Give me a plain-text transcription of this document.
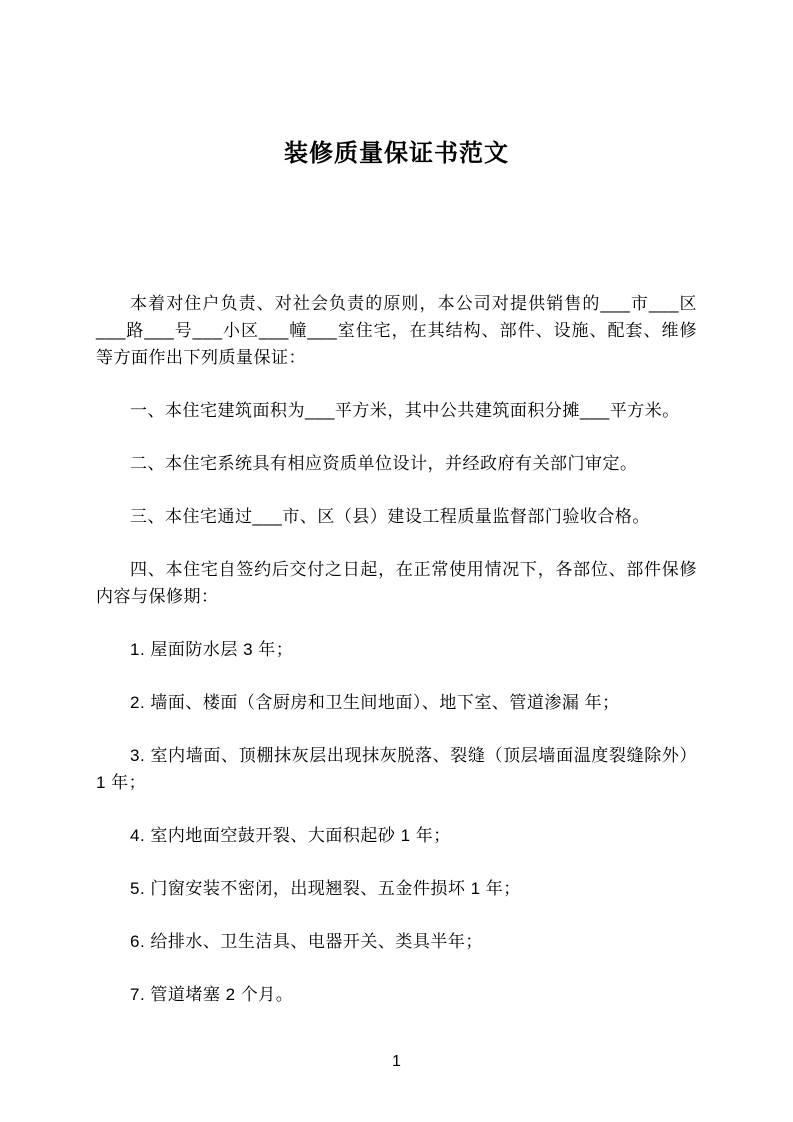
装修质量保证书范文

本着对住户负责、对社会负责的原则，本公司对提供销售的___市___区___路___号___小区___幢___室住宅，在其结构、部件、设施、配套、维修等方面作出下列质量保证：

一、本住宅建筑面积为___平方米，其中公共建筑面积分摊___平方米。

二、本住宅系统具有相应资质单位设计，并经政府有关部门审定。

三、本住宅通过___市、区（县）建设工程质量监督部门验收合格。

四、本住宅自签约后交付之日起，在正常使用情况下，各部位、部件保修内容与保修期：

1. 屋面防水层 3 年；

2. 墙面、楼面（含厨房和卫生间地面）、地下室、管道渗漏 年；

3. 室内墙面、顶棚抹灰层出现抹灰脱落、裂缝（顶层墙面温度裂缝除外）1 年；

4. 室内地面空鼓开裂、大面积起砂 1 年；

5. 门窗安装不密闭，出现翘裂、五金件损坏 1 年；

6. 给排水、卫生洁具、电器开关、类具半年；

7. 管道堵塞 2 个月。

1
